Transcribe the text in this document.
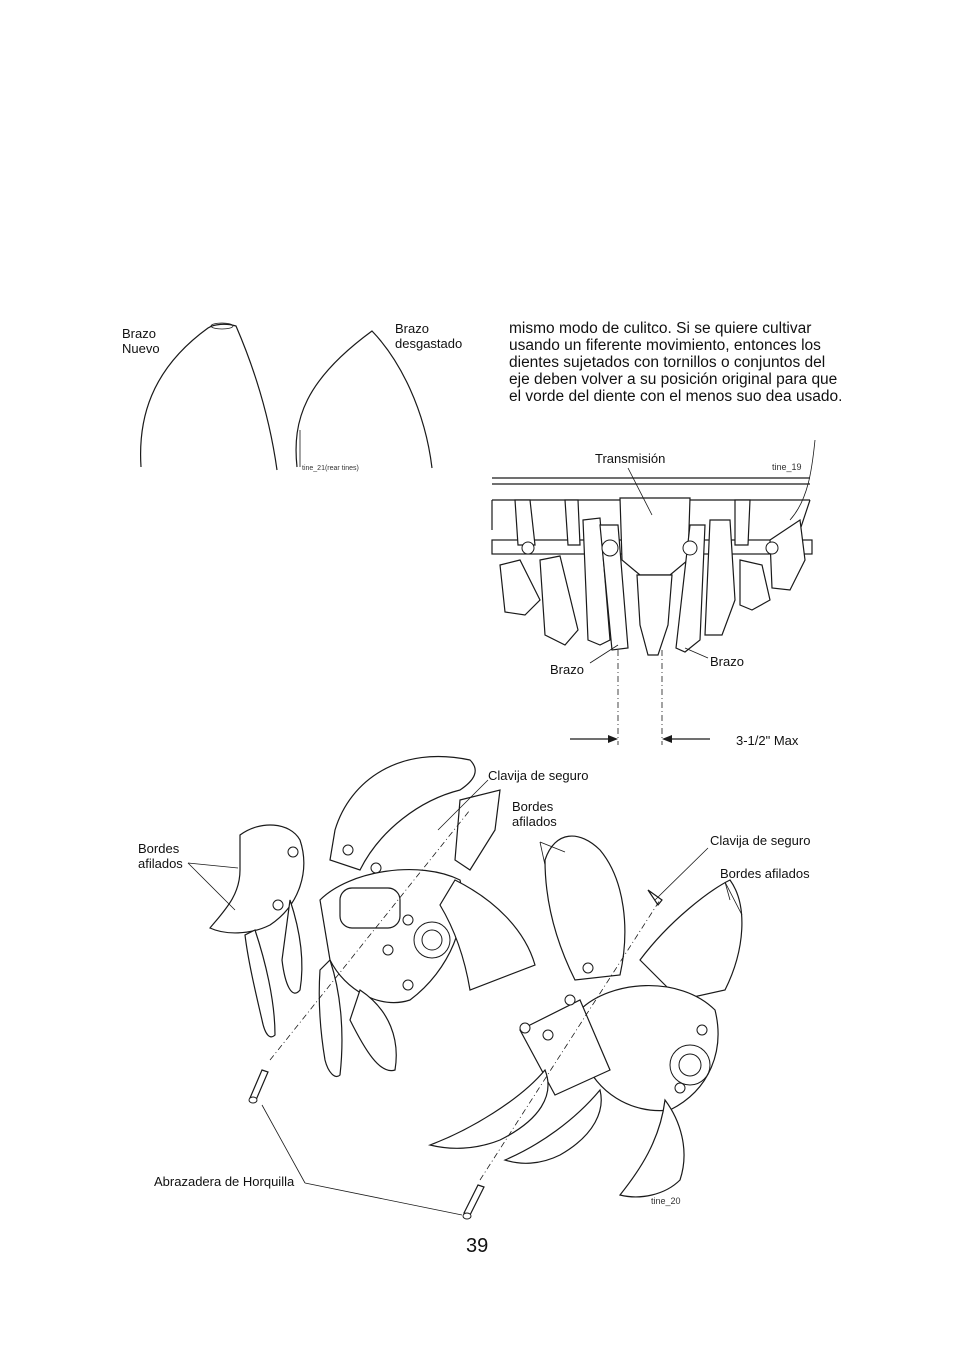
Brazo
Nuevo
Brazo
desgastado
tine_21(rear tines)
mismo modo de culitco. Si se quiere cultivar usando un fiferente movimiento, entonces los dientes sujetados con tornillos o conjuntos del eje deben volver a su posición original para que el vorde del diente con el menos suo dea usado.
Transmisión
tine_19
Brazo
Brazo
3-1/2" Max
Clavija de seguro
Bordes
afilados
Clavija de seguro
Bordes
afilados
Bordes afilados
Abrazadera de Horquilla
tine_20
39
